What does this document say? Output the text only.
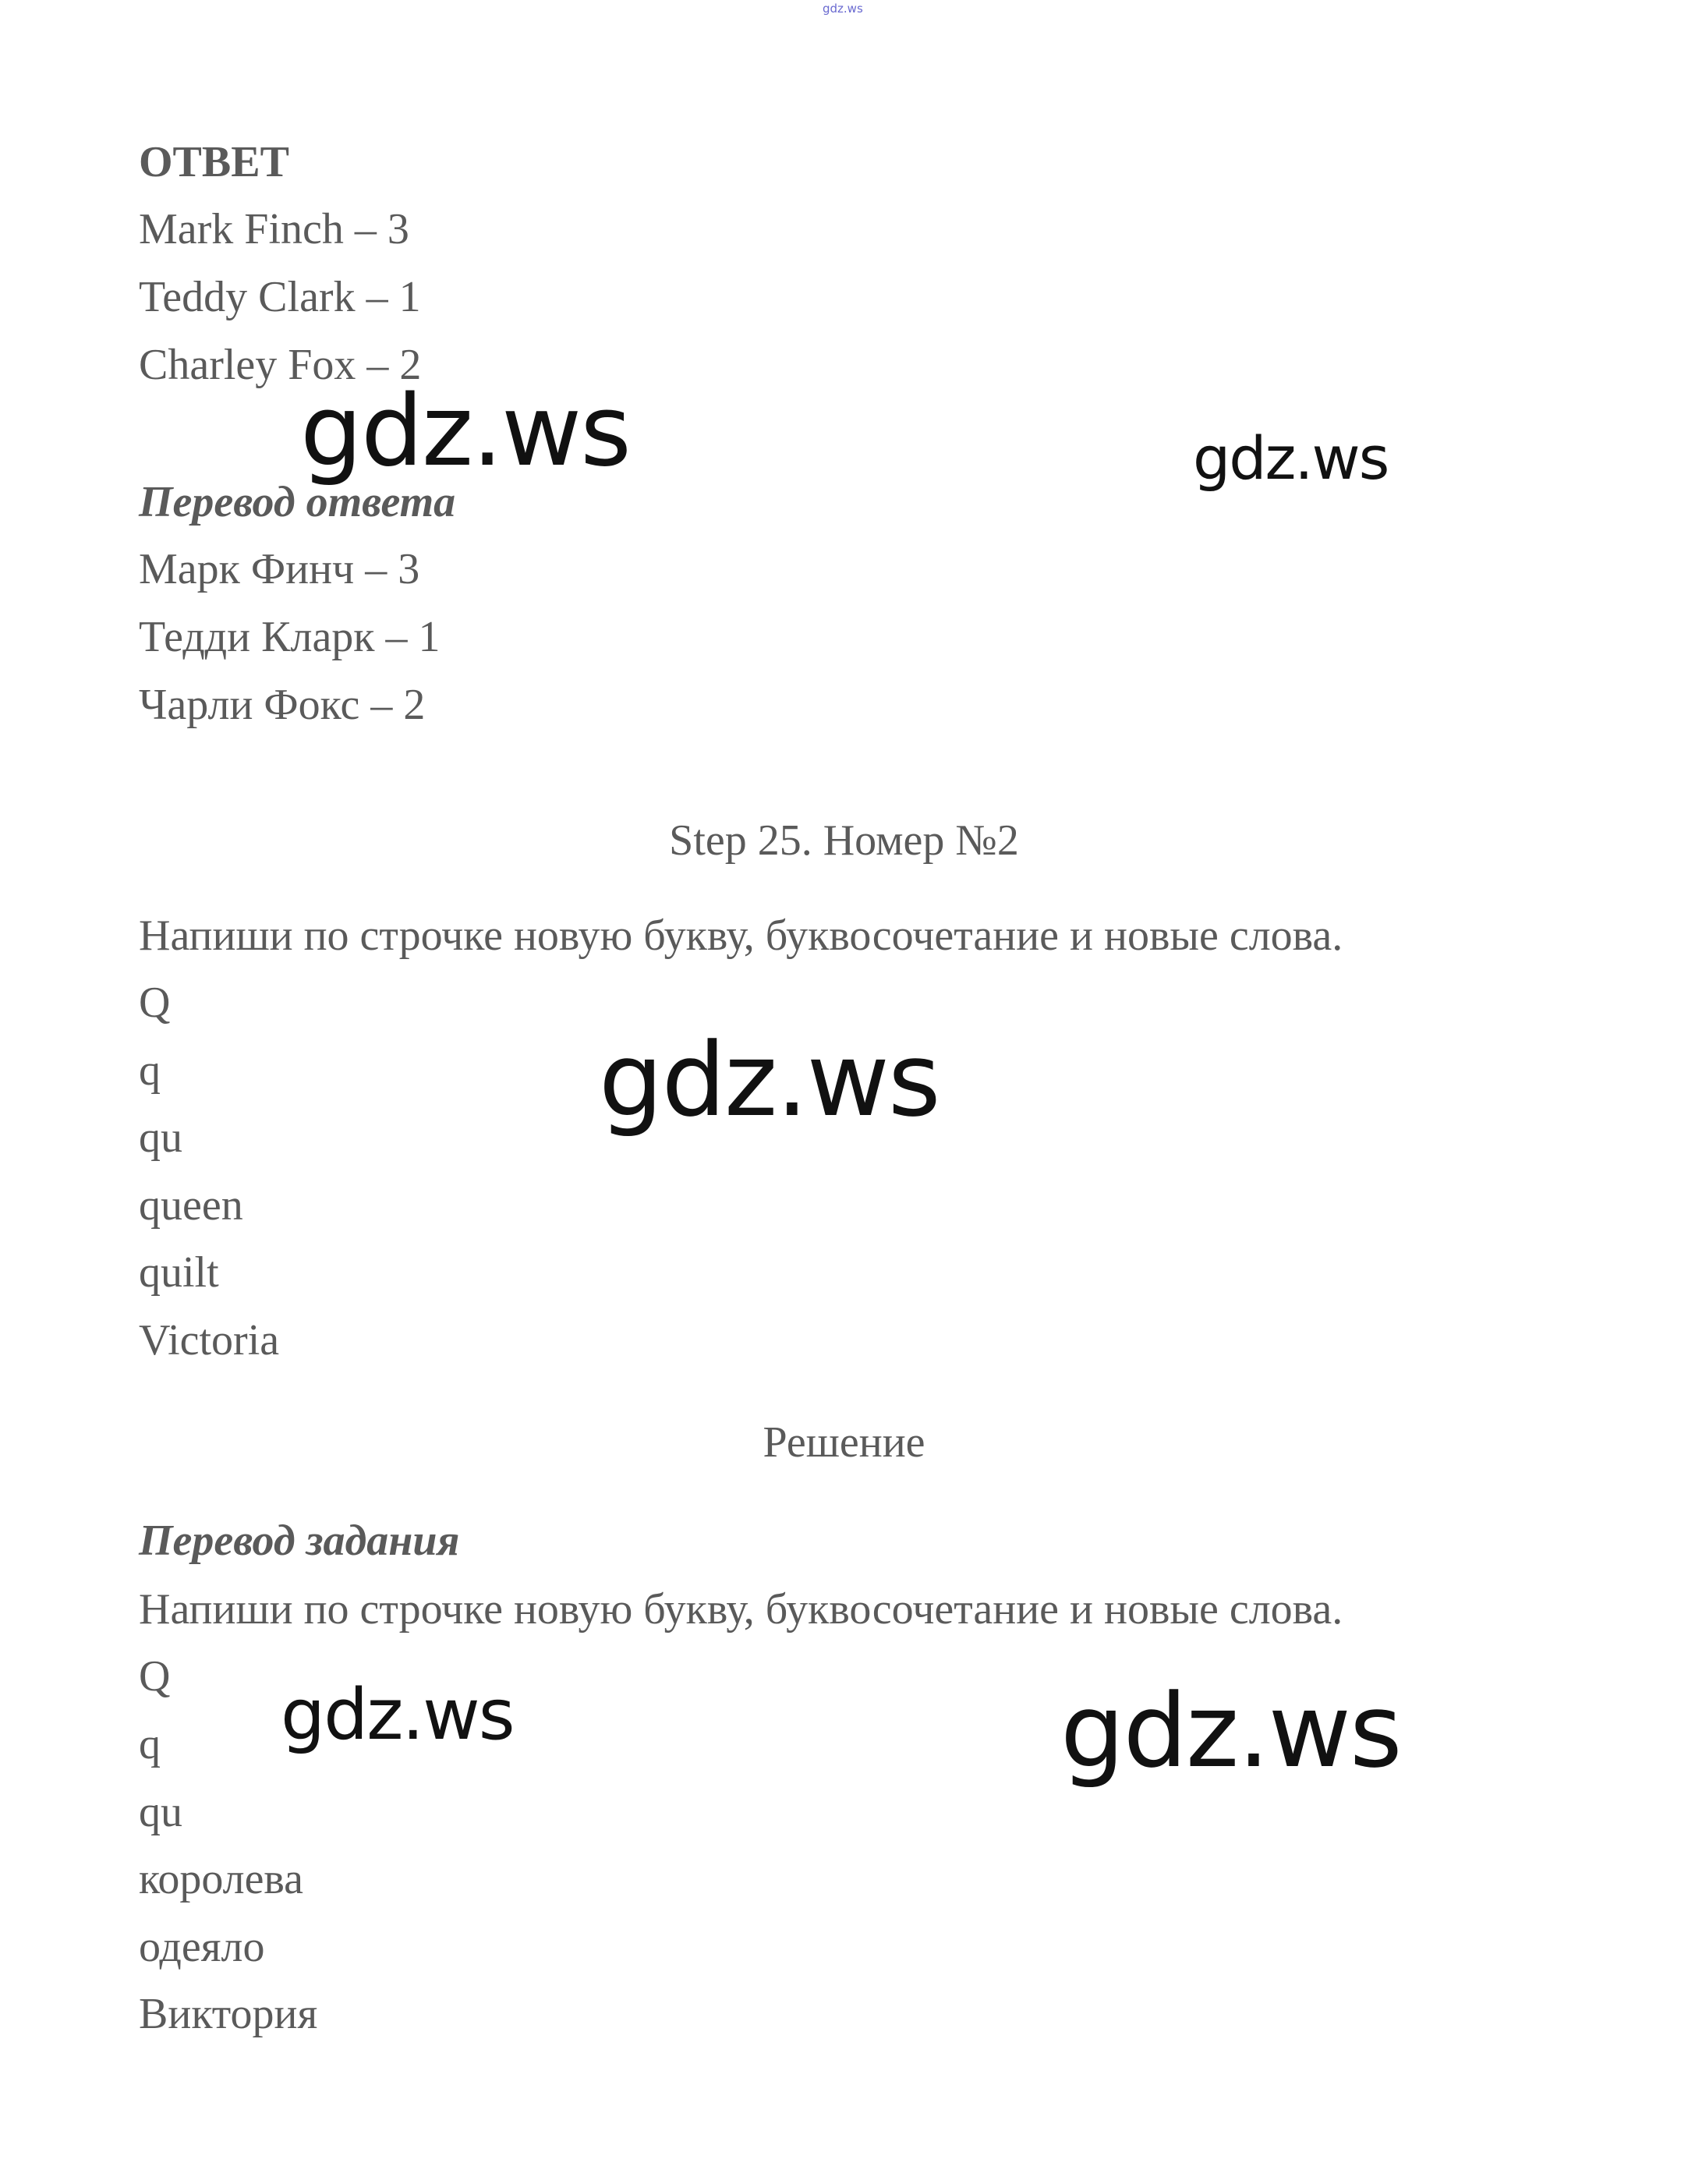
gdz.ws
ОТВЕТ
Mark Finch – 3
Teddy Clark – 1
Charley Fox – 2
Перевод ответа
Марк Финч – 3
Тедди Кларк – 1
Чарли Фокс – 2
Step 25. Номер №2
Напиши по строчке новую букву, буквосочетание и новые слова.
Q
q
qu
queen
quilt
Victoria
Решение
Перевод задания
Напиши по строчке новую букву, буквосочетание и новые слова.
Q
q
qu
королева
одеяло
Виктория
gdz.ws	gdz.ws
gdz.ws
gdz.ws	gdz.ws
